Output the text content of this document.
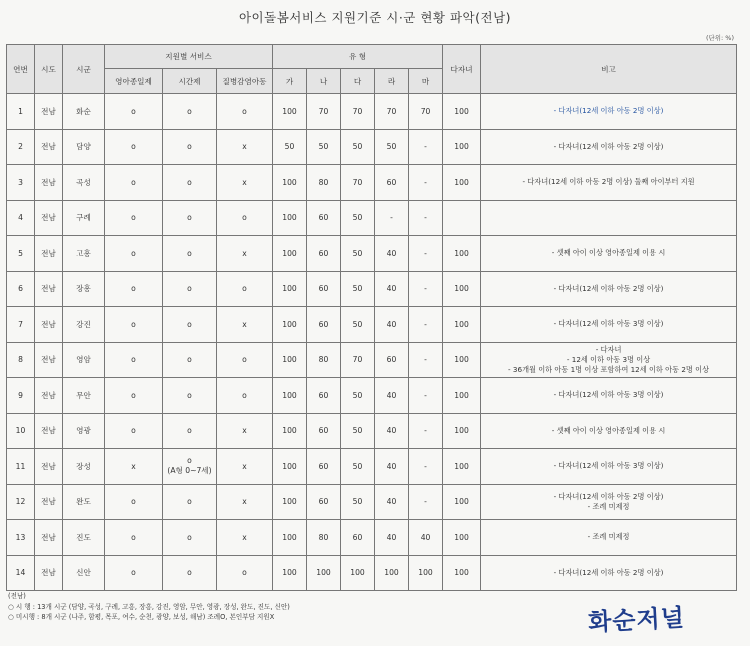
아이돌봄서비스 지원기준 시·군 현황 파악(전남)
(단위: %)
연번	시도	시군	지원별 서비스			유 형					다자녀	비고
			영아종일제	시간제	질병감염아동	가	나	다	라	마		
1	전남	화순	o	o	o	100	70	70	70	70	100	- 다자녀(12세 이하 아동 2명 이상)

2	전남	담양	o	o	x	50	50	50	50	-	100	- 다자녀(12세 이하 아동 2명 이상)

3	전남	곡성	o	o	x	100	80	70	60	-	100	- 다자녀(12세 이하 아동 2명 이상) 둘째 아이부터 지원

4	전남	구례	o	o	o	100	60	50	-	-		
5	전남	고흥	o	o	x	100	60	50	40	-	100	- 셋째 아이 이상 영아종일제 이용 시

6	전남	장흥	o	o	o	100	60	50	40	-	100	- 다자녀(12세 이하 아동 2명 이상)

7	전남	강진	o	o	x	100	60	50	40	-	100	- 다자녀(12세 이하 아동 3명 이상)

8	전남	영암	o	o	o	100	80	70	60	-	100	- 다자녀
- 12세 이하 아동 3명 이상
- 36개월 이하 아동 1명 이상 포함하여 12세 이하 아동 2명 이상

9	전남	무안	o	o	o	100	60	50	40	-	100	- 다자녀(12세 이하 아동 3명 이상)

10	전남	영광	o	o	x	100	60	50	40	-	100	- 셋째 아이 이상 영아종일제 이용 시

11	전남	장성	x	o
(A형 0~7세)	x	100	60	50	40	-	100	- 다자녀(12세 이하 아동 3명 이상)

12	전남	완도	o	o	x	100	60	50	40	-	100	- 다자녀(12세 이하 아동 2명 이상)
- 조례 미제정

13	전남	진도	o	o	x	100	80	60	40	40	100	- 조례 미제정

14	전남	신안	o	o	o	100	100	100	100	100	100	- 다자녀(12세 이하 아동 2명 이상)
(전남)
○ 시 행 : 13개 시군 (담양, 곡성, 구례, 고흥, 장흥, 강진, 영암, 무안, 영광, 장성, 완도, 진도, 신안)
○ 미시행 : 8개 시군 (나주, 함평, 목포, 여수, 순천, 광양, 보성, 해남) 조례O, 본인부담 지원X	화순저널
